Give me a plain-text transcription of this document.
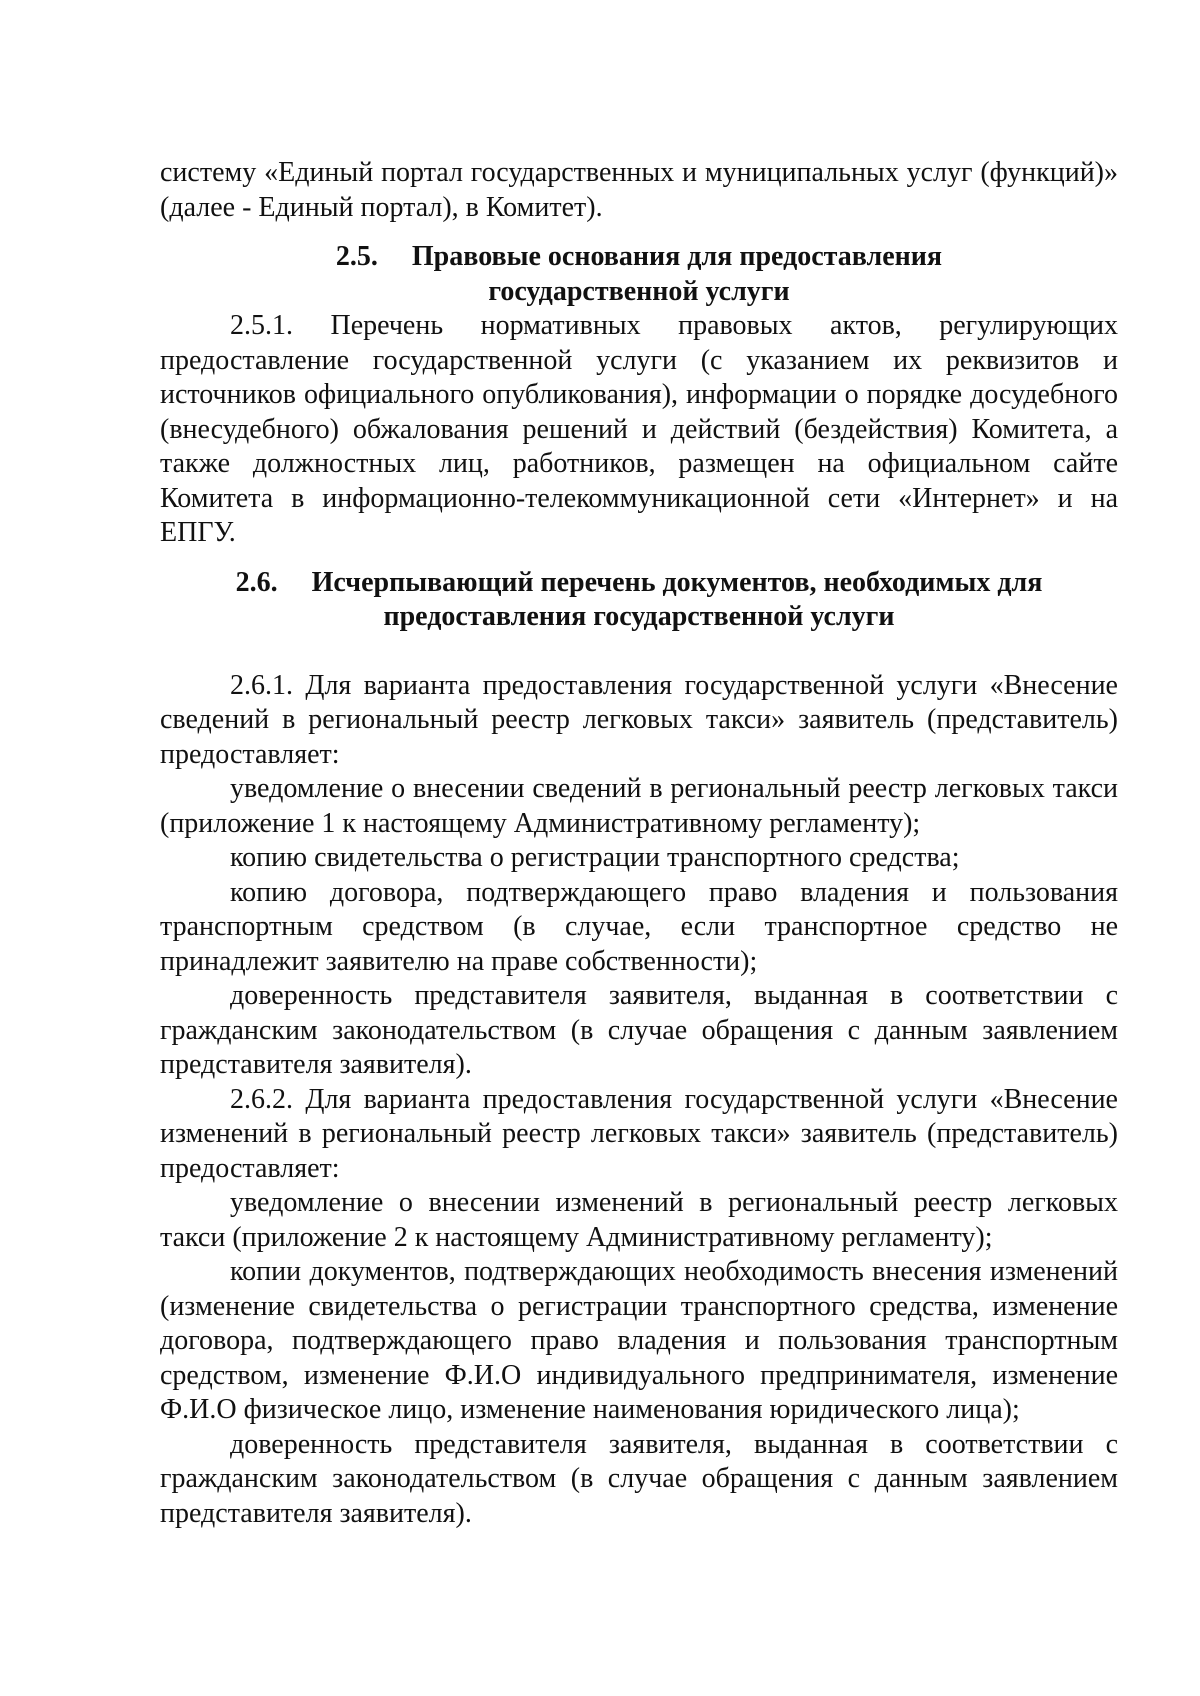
систему «Единый портал государственных и муниципальных услуг (функций)» (далее - Единый портал), в Комитет).

2.5. Правовые основания для предоставления
государственной услуги

2.5.1. Перечень нормативных правовых актов, регулирующих предоставление государственной услуги (с указанием их реквизитов и источников официального опубликования), информации о порядке досудебного (внесудебного) обжалования решений и действий (бездействия) Комитета, а также должностных лиц, работников, размещен на официальном сайте Комитета в информационно-телекоммуникационной сети «Интернет» и на ЕПГУ.

2.6. Исчерпывающий перечень документов, необходимых для
предоставления государственной услуги

2.6.1. Для варианта предоставления государственной услуги «Внесение сведений в региональный реестр легковых такси» заявитель (представитель) предоставляет:

уведомление о внесении сведений в региональный реестр легковых такси (приложение 1 к настоящему Административному регламенту);

копию свидетельства о регистрации транспортного средства;

копию договора, подтверждающего право владения и пользования транспортным средством (в случае, если транспортное средство не принадлежит заявителю на праве собственности);

доверенность представителя заявителя, выданная в соответствии с гражданским законодательством (в случае обращения с данным заявлением представителя заявителя).

2.6.2. Для варианта предоставления государственной услуги «Внесение изменений в региональный реестр легковых такси» заявитель (представитель) предоставляет:

уведомление о внесении изменений в региональный реестр легковых такси (приложение 2 к настоящему Административному регламенту);

копии документов, подтверждающих необходимость внесения изменений (изменение свидетельства о регистрации транспортного средства, изменение договора, подтверждающего право владения и пользования транспортным средством, изменение Ф.И.О индивидуального предпринимателя, изменение Ф.И.О физическое лицо, изменение наименования юридического лица);

доверенность представителя заявителя, выданная в соответствии с гражданским законодательством (в случае обращения с данным заявлением представителя заявителя).
